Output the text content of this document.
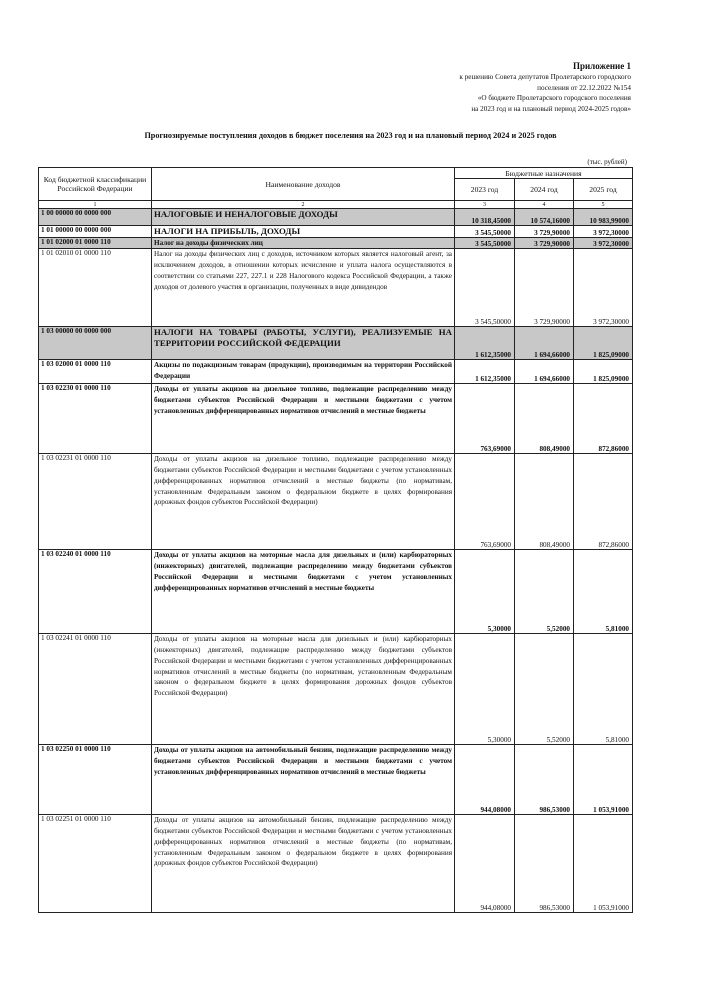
Приложение 1
к решению Совета депутатов Пролетарского городского
поселения от 22.12.2022 №154
«О бюджете Пролетарского городского поселения
на 2023 год и на плановый период 2024-2025 годов»
Прогнозируемые поступления доходов в бюджет поселения на 2023 год и на плановый период 2024 и 2025 годов
(тыс. рублей)
Код бюджетной классификации Российской Федерации	Наименование доходов	Бюджетные назначения		
		2023 год	2024 год	2025 год
1	2	3	4	5
1 00 00000 00 0000 000	НАЛОГОВЫЕ И НЕНАЛОГОВЫЕ ДОХОДЫ	10 318,45000	10 574,16000	10 983,99000
1 01 00000 00 0000 000	НАЛОГИ НА ПРИБЫЛЬ, ДОХОДЫ	3 545,50000	3 729,90000	3 972,30000
1 01 02000 01 0000 110	Налог на доходы физических лиц	3 545,50000	3 729,90000	3 972,30000
1 01 02010 01 0000 110	Налог на доходы физических лиц с доходов, источником которых является налоговый агент, за исключением доходов, в отношении которых исчисление и уплата налога осуществляются в соответствии со статьями 227, 227.1 и 228 Налогового кодекса Российской Федерации, а также доходов от долевого участия в организации, полученных в виде дивидендов	3 545,50000	3 729,90000	3 972,30000
1 03 00000 00 0000 000	НАЛОГИ НА ТОВАРЫ (РАБОТЫ, УСЛУГИ), РЕАЛИЗУЕМЫЕ НА ТЕРРИТОРИИ РОССИЙСКОЙ ФЕДЕРАЦИИ	1 612,35000	1 694,66000	1 825,09000
1 03 02000 01 0000 110	Акцизы по подакцизным товарам (продукции), производимым на территории Российской Федерации	1 612,35000	1 694,66000	1 825,09000
1 03 02230 01 0000 110	Доходы от уплаты акцизов на дизельное топливо, подлежащие распределению между бюджетами субъектов Российской Федерации и местными бюджетами с учетом установленных дифференцированных нормативов отчислений в местные бюджеты	763,69000	808,49000	872,86000
1 03 02231 01 0000 110	Доходы от уплаты акцизов на дизельное топливо, подлежащие распределению между бюджетами субъектов Российской Федерации и местными бюджетами с учетом установленных дифференцированных нормативов отчислений в местные бюджеты (по нормативам, установленным Федеральным законом о федеральном бюджете в целях формирования дорожных фондов субъектов Российской Федерации)	763,69000	808,49000	872,86000
1 03 02240 01 0000 110	Доходы от уплаты акцизов на моторные масла для дизельных и (или) карбюраторных (инжекторных) двигателей, подлежащие распределению между бюджетами субъектов Российской Федерации и местными бюджетами с учетом установленных дифференцированных нормативов отчислений в местные бюджеты	5,30000	5,52000	5,81000
1 03 02241 01 0000 110	Доходы от уплаты акцизов на моторные масла для дизельных и (или) карбюраторных (инжекторных) двигателей, подлежащие распределению между бюджетами субъектов Российской Федерации и местными бюджетами с учетом установленных дифференцированных нормативов отчислений в местные бюджеты (по нормативам, установленным Федеральным законом о федеральном бюджете в целях формирования дорожных фондов субъектов Российской Федерации)	5,30000	5,52000	5,81000
1 03 02250 01 0000 110	Доходы от уплаты акцизов на автомобильный бензин, подлежащие распределению между бюджетами субъектов Российской Федерации и местными бюджетами с учетом установленных дифференцированных нормативов отчислений в местные бюджеты	944,08000	986,53000	1 053,91000
1 03 02251 01 0000 110	Доходы от уплаты акцизов на автомобильный бензин, подлежащие распределению между бюджетами субъектов Российской Федерации и местными бюджетами с учетом установленных дифференцированных нормативов отчислений в местные бюджеты (по нормативам, установленным Федеральным законом о федеральном бюджете в целях формирования дорожных фондов субъектов Российской Федерации)	944,08000	986,53000	1 053,91000
